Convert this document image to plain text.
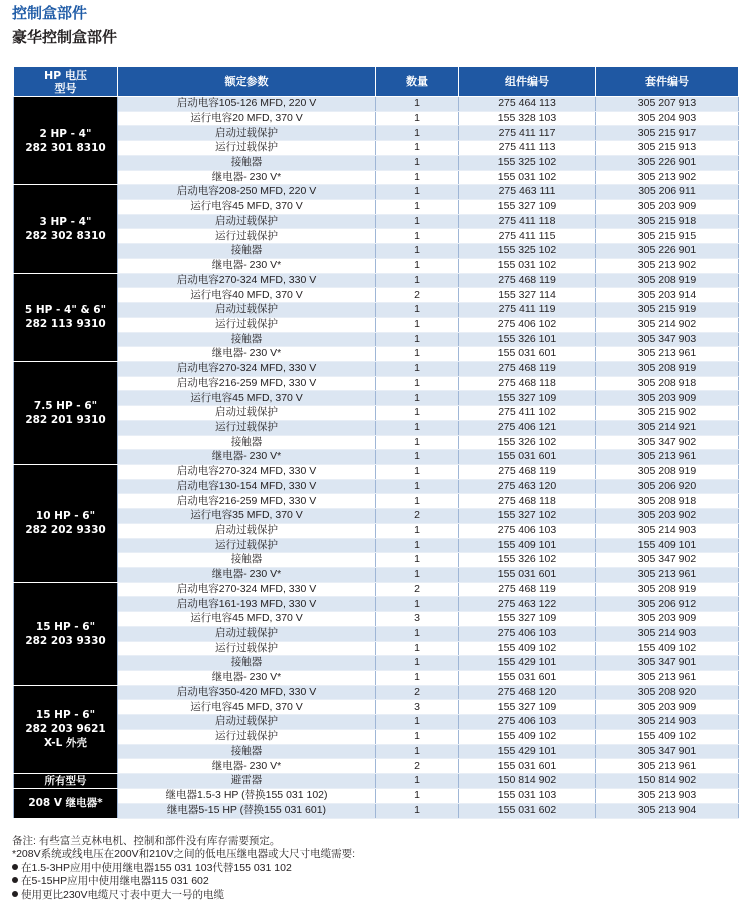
控制盒部件
豪华控制盒部件
HP 电压
型号	额定参数	数量	组件编号	套件编号

2 HP - 4"
282 301 8310	启动电容105-126 MFD, 220 V	1	275 464 113	305 207 913
	运行电容20 MFD, 370 V	1	155 328 103	305 204 903
	启动过载保护	1	275 411 117	305 215 917
	运行过载保护	1	275 411 113	305 215 913
	接触器	1	155 325 102	305 226 901
	继电器- 230 V*	1	155 031 102	305 213 902

3 HP - 4"
282 302 8310	启动电容208-250 MFD, 220 V	1	275 463 111	305 206 911
	运行电容45 MFD, 370 V	1	155 327 109	305 203 909
	启动过载保护	1	275 411 118	305 215 918
	运行过载保护	1	275 411 115	305 215 915
	接触器	1	155 325 102	305 226 901
	继电器- 230 V*	1	155 031 102	305 213 902

5 HP - 4" & 6"
282 113 9310	启动电容270-324 MFD, 330 V	1	275 468 119	305 208 919
	运行电容40 MFD, 370 V	2	155 327 114	305 203 914
	启动过载保护	1	275 411 119	305 215 919
	运行过载保护	1	275 406 102	305 214 902
	接触器	1	155 326 101	305 347 903
	继电器- 230 V*	1	155 031 601	305 213 961

7.5 HP - 6"
282 201 9310	启动电容270-324 MFD, 330 V	1	275 468 119	305 208 919
	启动电容216-259 MFD, 330 V	1	275 468 118	305 208 918
	运行电容45 MFD, 370 V	1	155 327 109	305 203 909
	启动过载保护	1	275 411 102	305 215 902
	运行过载保护	1	275 406 121	305 214 921
	接触器	1	155 326 102	305 347 902
	继电器- 230 V*	1	155 031 601	305 213 961

10 HP - 6"
282 202 9330	启动电容270-324 MFD, 330 V	1	275 468 119	305 208 919
	启动电容130-154 MFD, 330 V	1	275 463 120	305 206 920
	启动电容216-259 MFD, 330 V	1	275 468 118	305 208 918
	运行电容35 MFD, 370 V	2	155 327 102	305 203 902
	启动过载保护	1	275 406 103	305 214 903
	运行过载保护	1	155 409 101	155 409 101
	接触器	1	155 326 102	305 347 902
	继电器- 230 V*	1	155 031 601	305 213 961

15 HP - 6"
282 203 9330	启动电容270-324 MFD, 330 V	2	275 468 119	305 208 919
	启动电容161-193 MFD, 330 V	1	275 463 122	305 206 912
	运行电容45 MFD, 370 V	3	155 327 109	305 203 909
	启动过载保护	1	275 406 103	305 214 903
	运行过载保护	1	155 409 102	155 409 102
	接触器	1	155 429 101	305 347 901
	继电器- 230 V*	1	155 031 601	305 213 961

15 HP - 6"
282 203 9621
X-L 外壳	启动电容350-420 MFD, 330 V	2	275 468 120	305 208 920
	运行电容45 MFD, 370 V	3	155 327 109	305 203 909
	启动过载保护	1	275 406 103	305 214 903
	运行过载保护	1	155 409 102	155 409 102
	接触器	1	155 429 101	305 347 901
	继电器- 230 V*	2	155 031 601	305 213 961

所有型号	避雷器	1	150 814 902	150 814 902

208 V 继电器*	继电器1.5-3 HP (替换155 031 102)	1	155 031 103	305 213 903
	继电器5-15 HP (替换155 031 601)	1	155 031 602	305 213 904
备注: 有些富兰克林电机、控制和部件没有库存需要预定。
*208V系统或线电压在200V和210V之间的低电压继电器或大尺寸电缆需要:
在1.5-3HP应用中使用继电器155 031 103代替155 031 102
在5-15HP应用中使用继电器115 031 602
使用更比230V电缆尺寸表中更大一号的电缆
